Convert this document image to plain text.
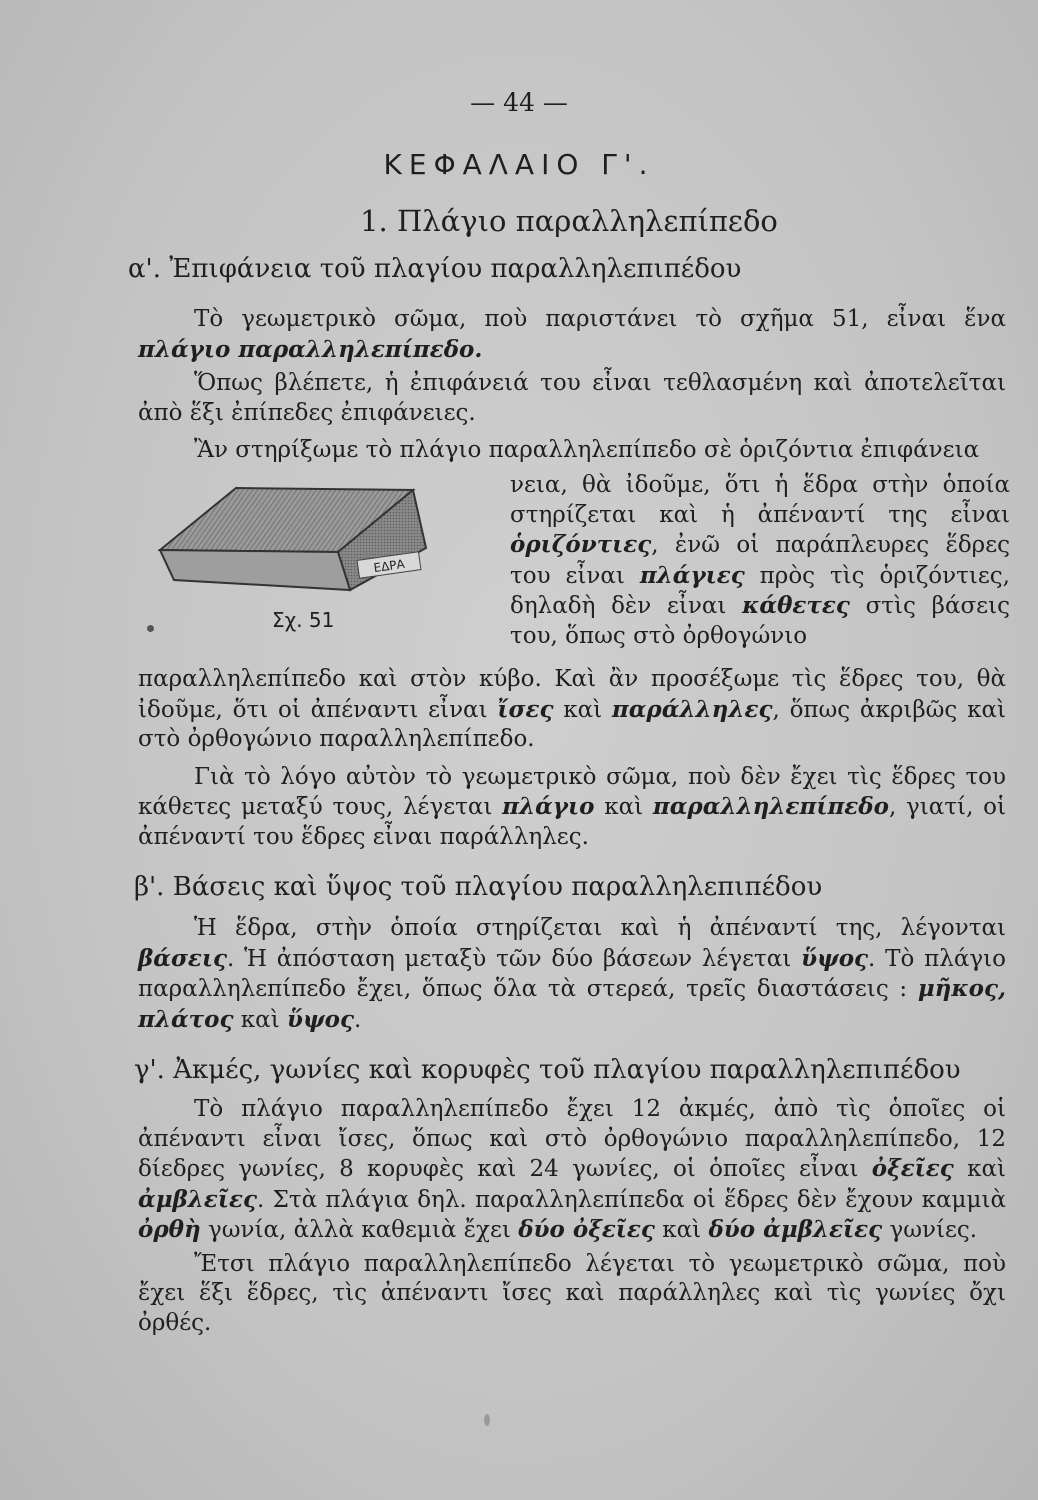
— 44 —
ΚΕΦΑΛΑΙΟ Γ'.
1. Πλάγιο παραλληλεπίπεδο
α'. Ἐπιφάνεια τοῦ πλαγίου παραλληλεπιπέδου

Τὸ γεωμετρικὸ σῶμα, ποὺ παριστάνει τὸ σχῆμα 51, εἶναι ἕνα πλάγιο παραλληλεπίπεδο.

Ὅπως βλέπετε, ἡ ἐπιφάνειά του εἶναι τεθλασμένη καὶ ἀποτελεῖται ἀπὸ ἕξι ἐπίπεδες ἐπιφάνειες.

Ἂν στηρίξωμε τὸ πλάγιο παραλληλεπίπεδο σὲ ὁριζόντια ἐπιφάνεια

ΕΔΡΑ
Σχ. 51

νεια, θὰ ἰδοῦμε, ὅτι ἡ ἕδρα στὴν ὁποία στηρίζεται καὶ ἡ ἀπέναντί της εἶναι ὁριζόντιες, ἐνῶ οἱ παράπλευρες ἕδρες του εἶναι πλάγιες πρὸς τὶς ὁριζόντιες, δηλαδὴ δὲν εἶναι κάθετες στὶς βάσεις του, ὅπως στὸ ὀρθογώνιο

παραλληλεπίπεδο καὶ στὸν κύβο. Καὶ ἂν προσέξωμε τὶς ἕδρες του, θὰ ἰδοῦμε, ὅτι οἱ ἀπέναντι εἶναι ἴσες καὶ παράλληλες, ὅπως ἀκριβῶς καὶ στὸ ὀρθογώνιο παραλληλεπίπεδο.

Γιὰ τὸ λόγο αὐτὸν τὸ γεωμετρικὸ σῶμα, ποὺ δὲν ἔχει τὶς ἕδρες του κάθετες μεταξύ τους, λέγεται πλάγιο καὶ παραλληλεπίπεδο, γιατί, οἱ ἀπέναντί του ἕδρες εἶναι παράλληλες.

β'. Βάσεις καὶ ὕψος τοῦ πλαγίου παραλληλεπιπέδου

Ἡ ἕδρα, στὴν ὁποία στηρίζεται καὶ ἡ ἀπέναντί της, λέγονται βάσεις. Ἡ ἀπόσταση μεταξὺ τῶν δύο βάσεων λέγεται ὕψος. Τὸ πλάγιο παραλληλεπίπεδο ἔχει, ὅπως ὅλα τὰ στερεά, τρεῖς διαστάσεις : μῆκος, πλάτος καὶ ὕψος.

γ'. Ἀκμές, γωνίες καὶ κορυφὲς τοῦ πλαγίου παραλληλεπιπέδου

Τὸ πλάγιο παραλληλεπίπεδο ἔχει 12 ἀκμές, ἀπὸ τὶς ὁποῖες οἱ ἀπέναντι εἶναι ἴσες, ὅπως καὶ στὸ ὀρθογώνιο παραλληλεπίπεδο, 12 δίεδρες γωνίες, 8 κορυφὲς καὶ 24 γωνίες, οἱ ὁποῖες εἶναι ὀξεῖες καὶ ἀμβλεῖες. Στὰ πλάγια δηλ. παραλληλεπίπεδα οἱ ἕδρες δὲν ἔχουν καμμιὰ ὀρθὴ γωνία, ἀλλὰ καθεμιὰ ἔχει δύο ὀξεῖες καὶ δύο ἀμβλεῖες γωνίες.

Ἔτσι πλάγιο παραλληλεπίπεδο λέγεται τὸ γεωμετρικὸ σῶμα, ποὺ ἔχει ἕξι ἕδρες, τὶς ἀπέναντι ἴσες καὶ παράλληλες καὶ τὶς γωνίες ὄχι ὀρθές.
